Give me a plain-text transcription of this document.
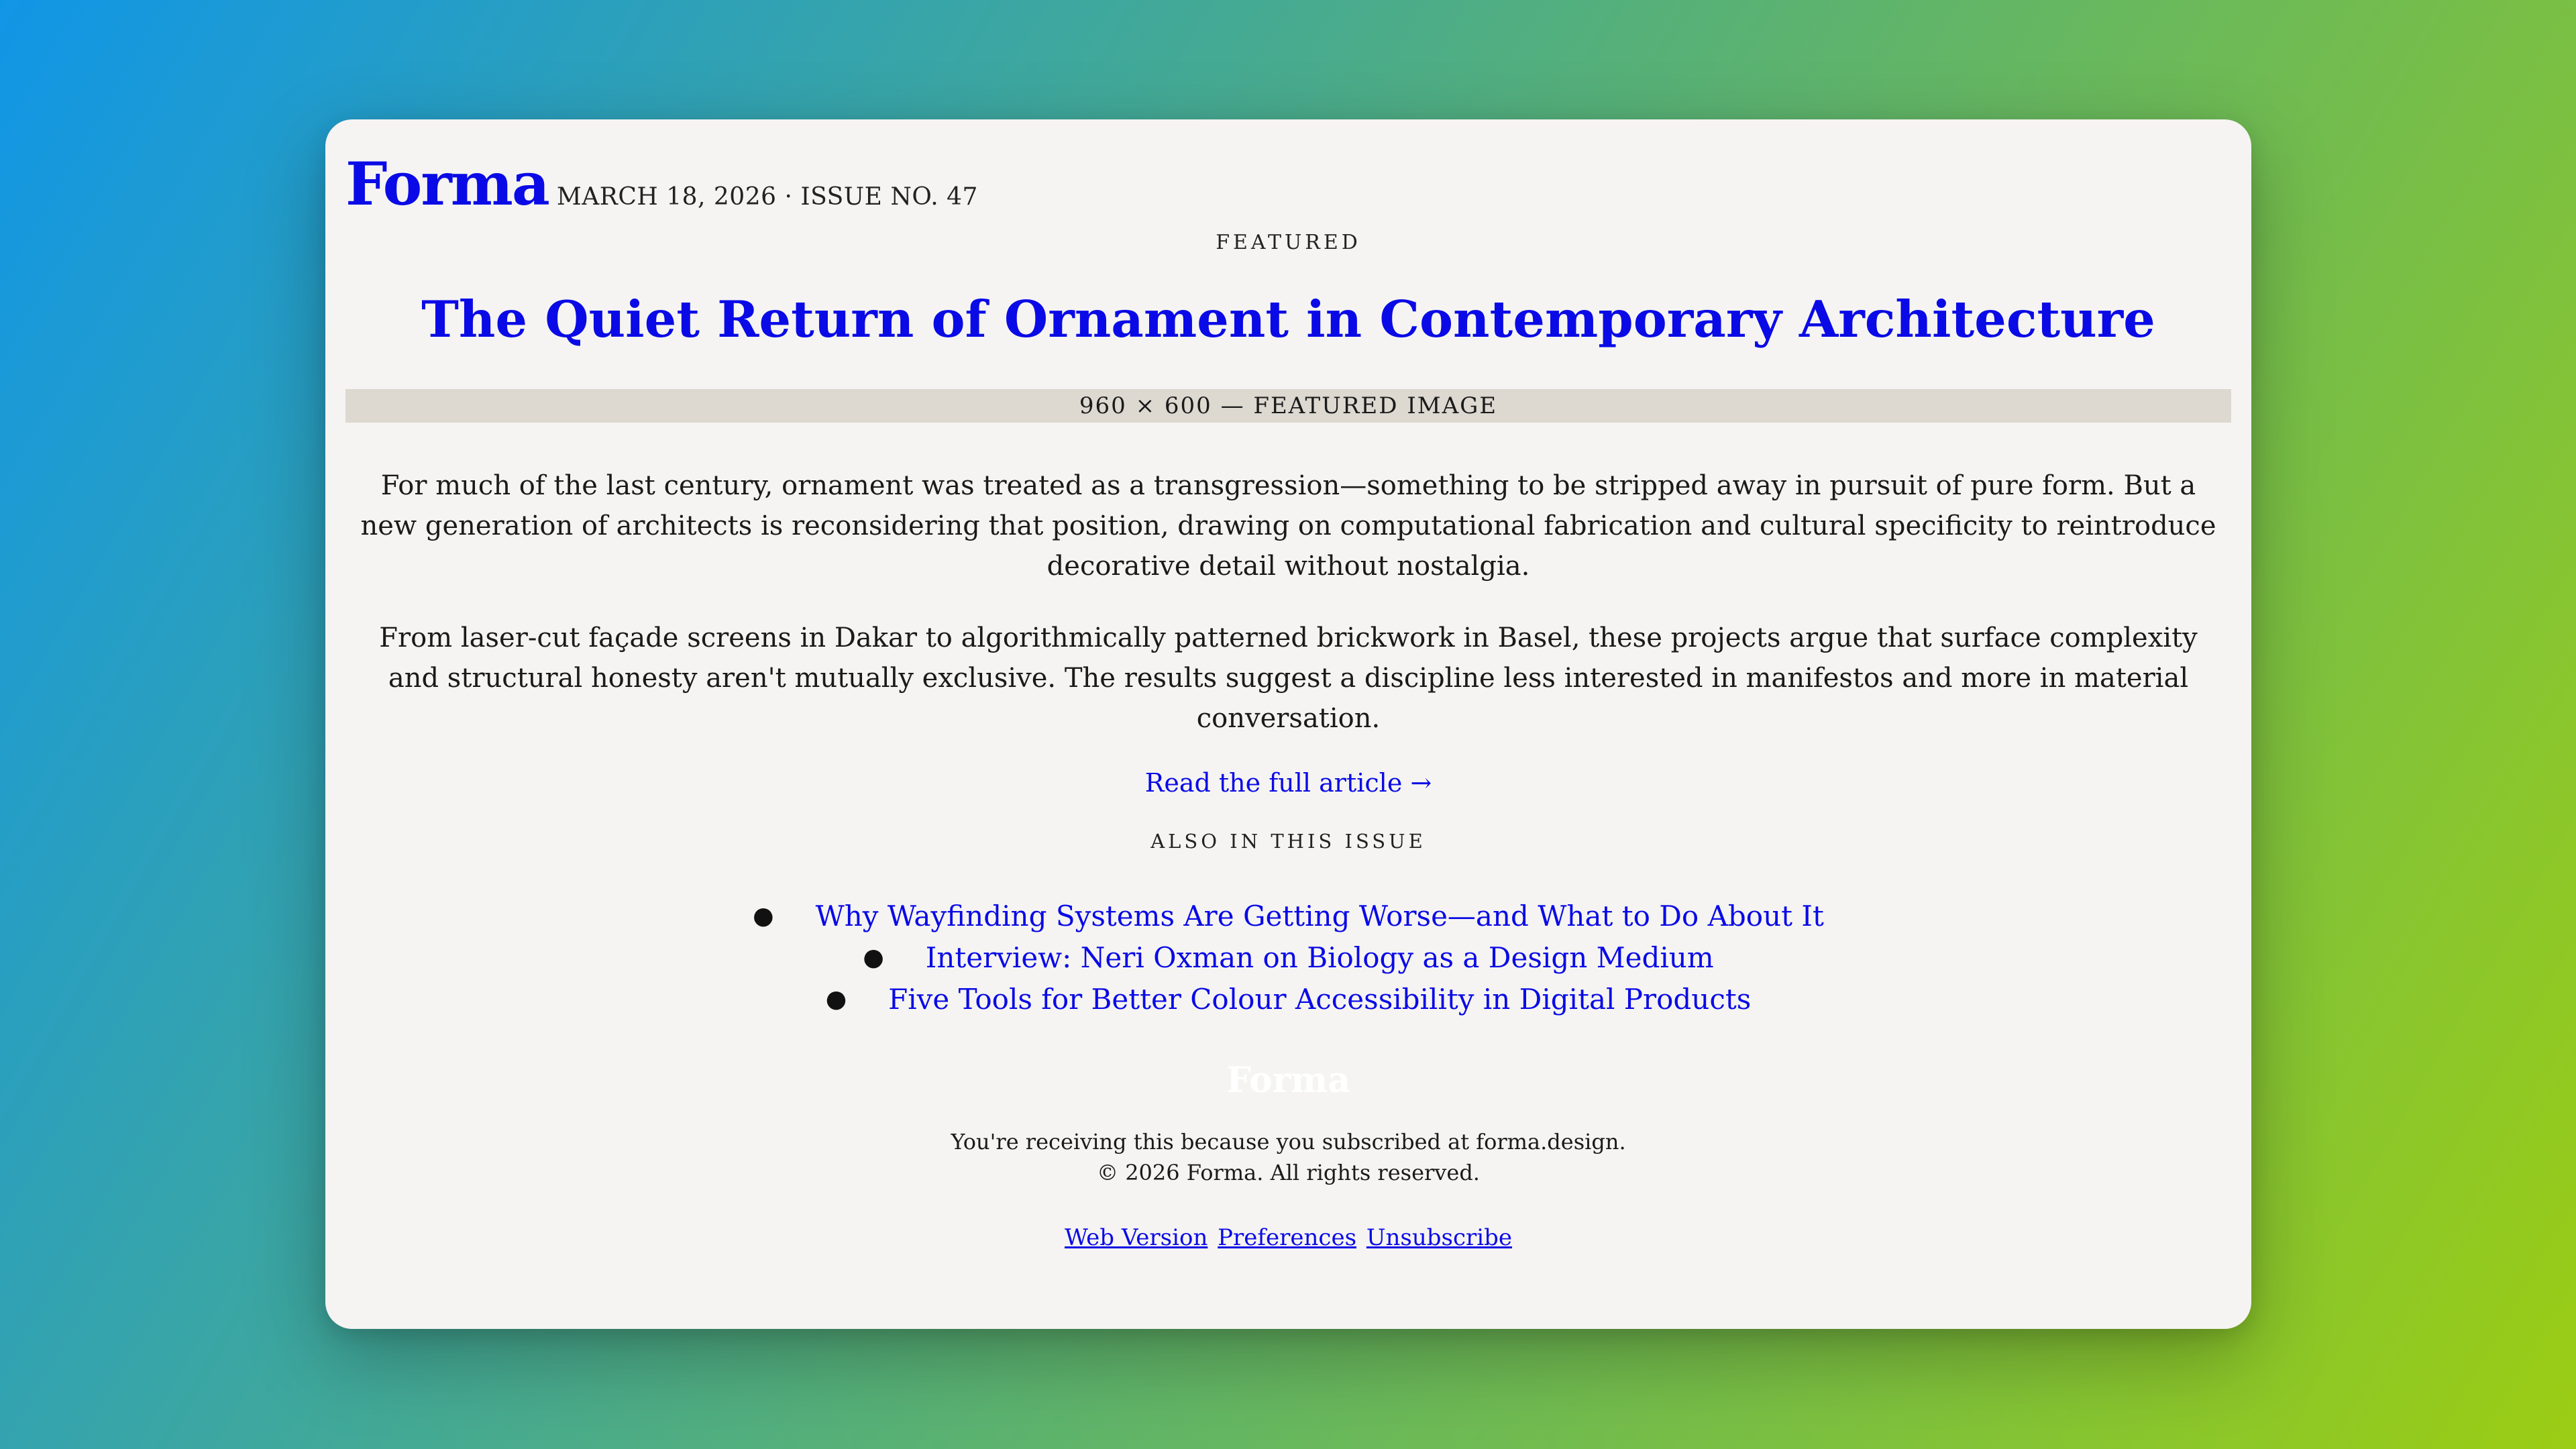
Forma MARCH 18, 2026 · ISSUE NO. 47
FEATURED
The Quiet Return of Ornament in Contemporary Architecture
960 × 600 — FEATURED IMAGE

For much of the last century, ornament was treated as a transgression—something to be stripped away in pursuit of pure form. But a new generation of architects is reconsidering that position, drawing on computational fabrication and cultural specificity to reintroduce decorative detail without nostalgia.

From laser-cut façade screens in Dakar to algorithmically patterned brickwork in Basel, these projects argue that surface complexity and structural honesty aren't mutually exclusive. The results suggest a discipline less interested in manifestos and more in material conversation.

Read the full article →
ALSO IN THIS ISSUE
● Why Wayfinding Systems Are Getting Worse—and What to Do About It
● Interview: Neri Oxman on Biology as a Design Medium
● Five Tools for Better Colour Accessibility in Digital Products
Forma
You're receiving this because you subscribed at forma.design.
© 2026 Forma. All rights reserved.
Web Version Preferences Unsubscribe
